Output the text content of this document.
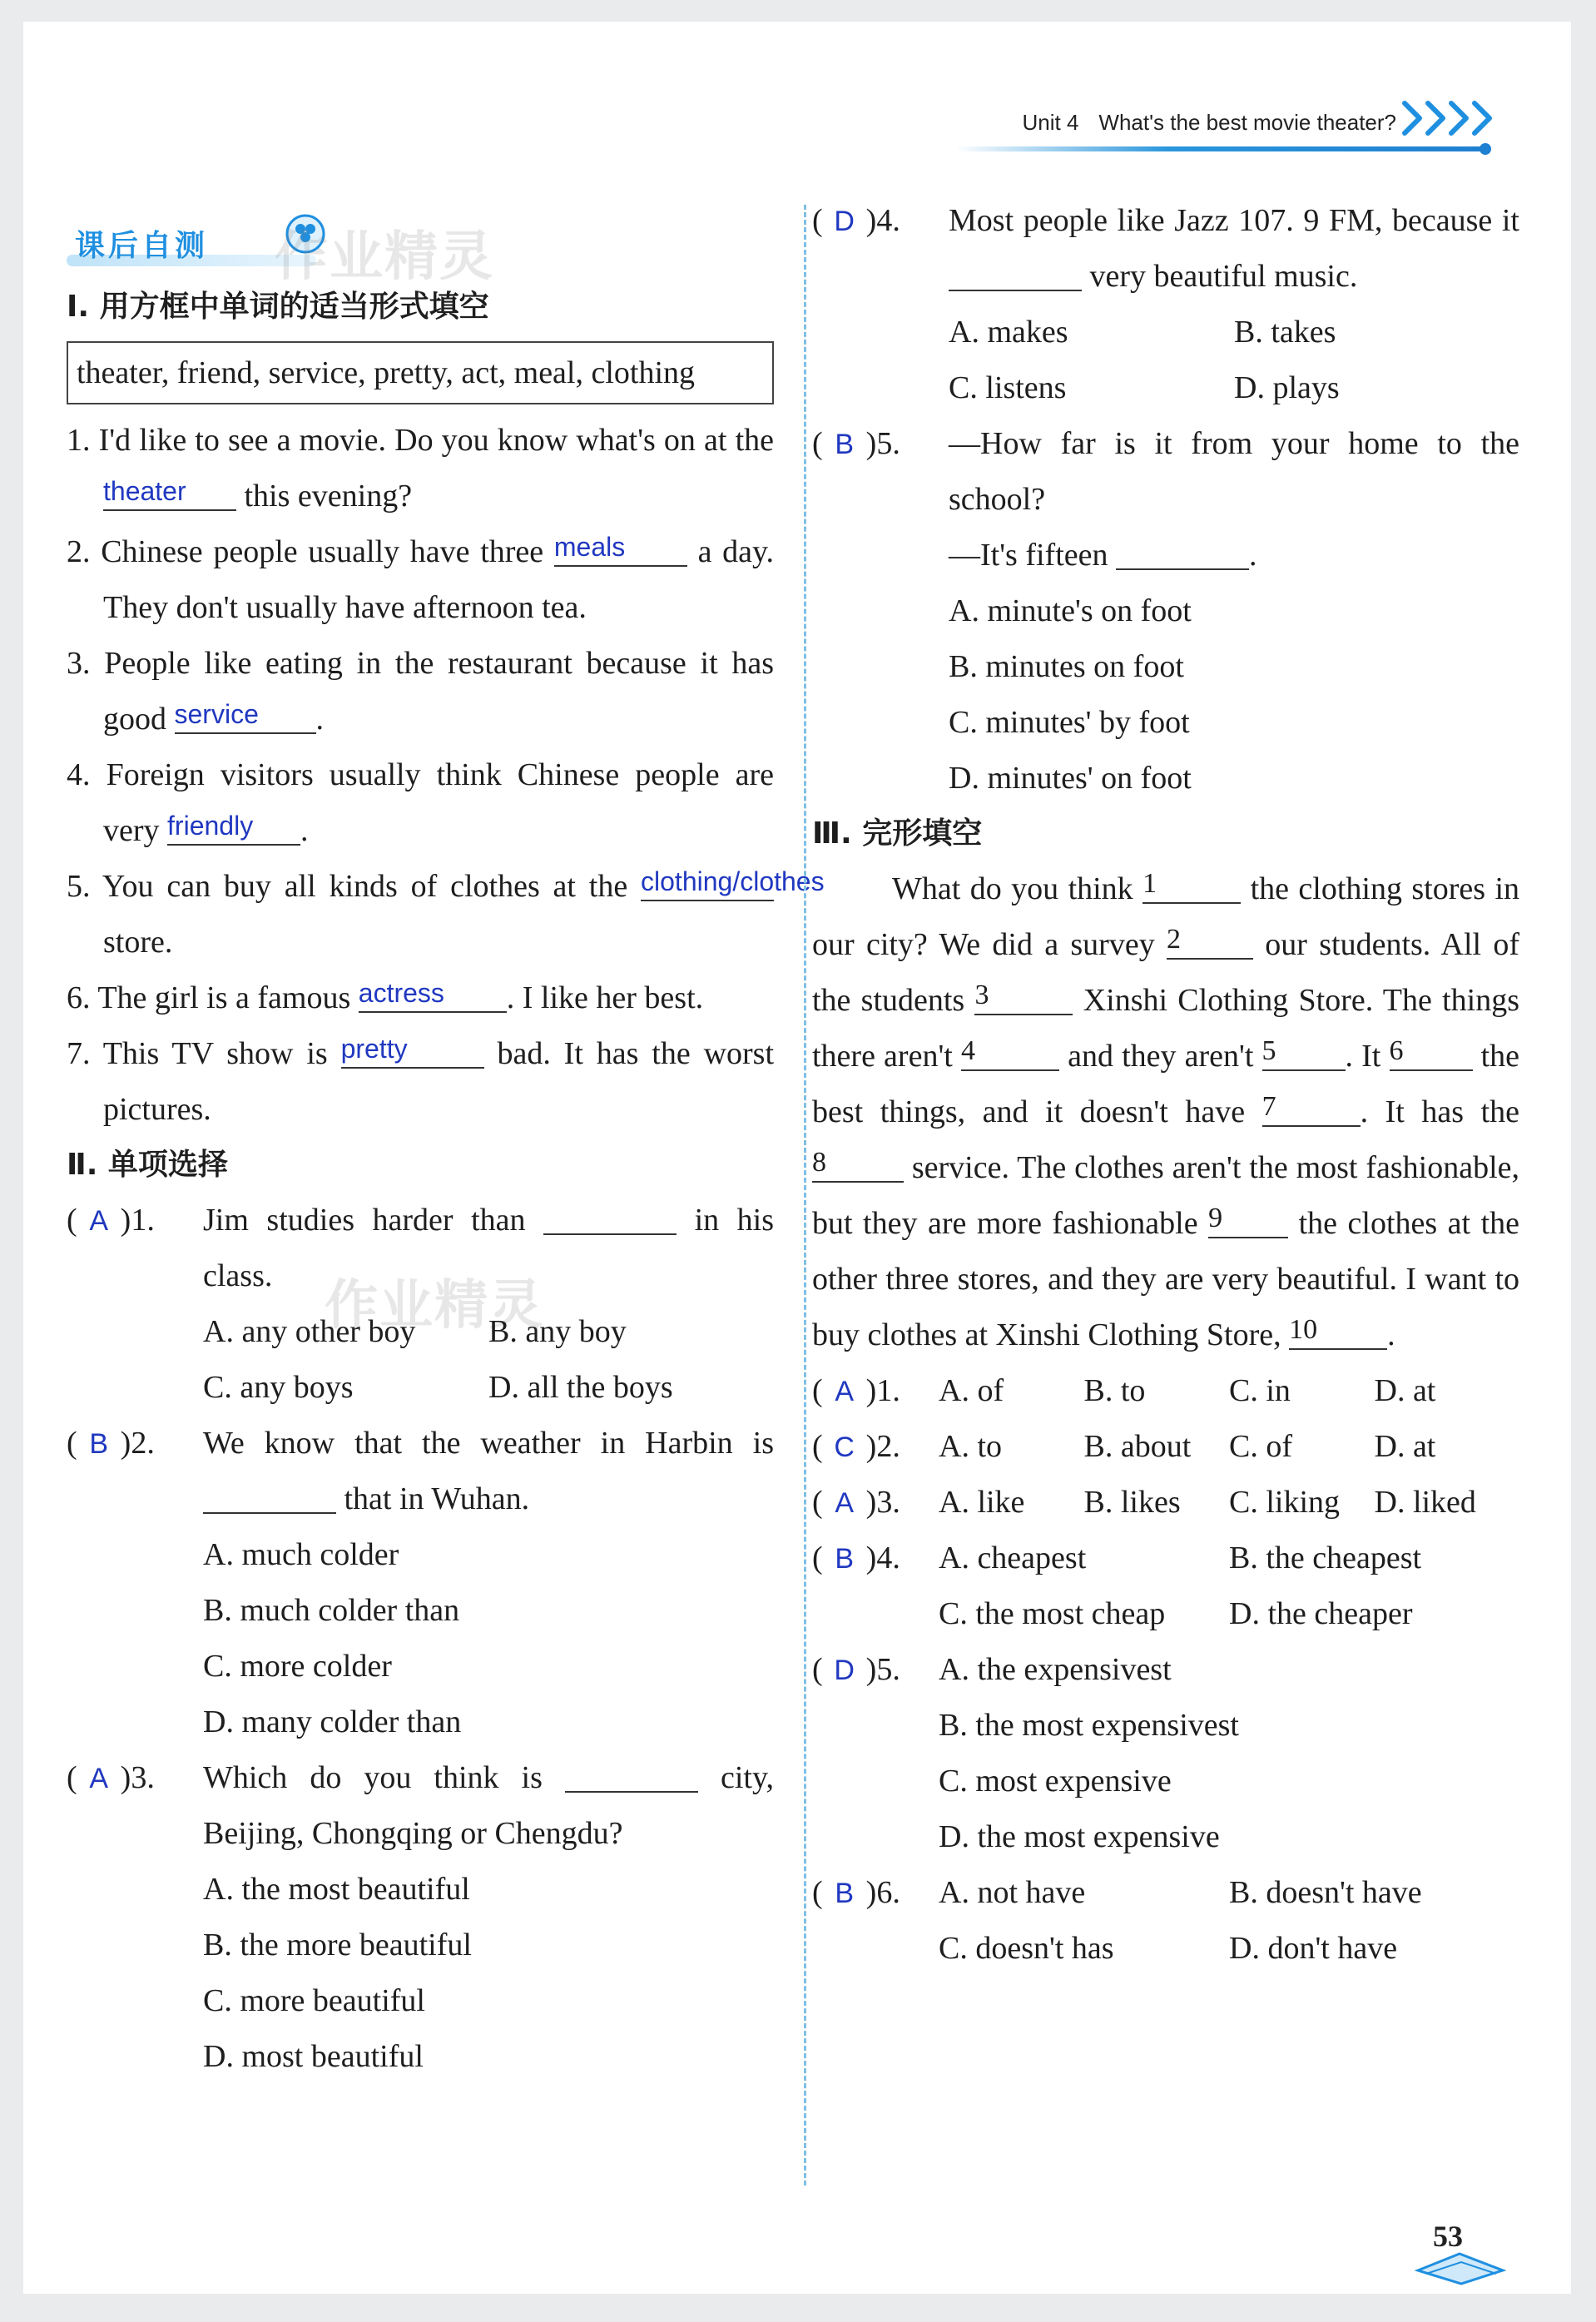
Unit 4 What's the best movie theater?
课后自测 作业精灵
Ⅰ. 用方框中单词的适当形式填空
theater, friend, service, pretty, act, meal, clothing
1. I'd like to see a movie. Do you know what's on at the
theater	this evening?
2. Chinese people usually have three meals	a day. They don't usually have afternoon tea.
3. People like eating in the restaurant because it has good service	.
4. Foreign visitors usually think Chinese people are very friendly	.
5. You can buy all kinds of clothes at the clothing/clothes
store.
6. The girl is a famous actress	. I like her best.
7. This TV show is pretty	bad. It has the worst pictures.
Ⅱ. 单项选择
作业精灵
( A )1.	Jim studies harder than	in his class.
A. any other boy	B. any boy
C. any boys	D. all the boys
( B )2.	We know that the weather in Harbin is  that in Wuhan.
A. much colder
B. much colder than
C. more colder
D. many colder than
( A )3.	Which do you think is	city, Beijing, Chongqing or Chengdu?
A. the most beautiful
B. the more beautiful
C. more beautiful
D. most beautiful
( D )4.	Most people like Jazz 107. 9 FM, because it  very beautiful music.
A. makes	B. takes
C. listens	D. plays
( B )5.	—How far is it from your home to the school?
—It's fifteen	.
A. minute's on foot
B. minutes on foot
C. minutes' by foot
D. minutes' on foot
Ⅲ. 完形填空
What do you think 1	the clothing stores in our city? We did a survey 2	our students. All of the students 3	Xinshi Clothing Store. The things there aren't 4	and they aren't 5	. It 6	the best things, and it doesn't have 7	. It has the
8	service. The clothes aren't the most fashionable, but they are more fashionable 9	the clothes at the other three stores, and they are very beautiful. I want to buy clothes at Xinshi Clothing Store, 10	.
( A )1.	A. of	B. to	C. in	D. at
( C )2.	A. to	B. about	C. of	D. at
( A )3.	A. like	B. likes	C. liking	D. liked
( B )4.	A. cheapest	B. the cheapest
C. the most cheap	D. the cheaper
( D )5.	A. the expensivest
B. the most expensivest
C. most expensive
D. the most expensive
( B )6.	A. not have	B. doesn't have
C. doesn't has	D. don't have
53
